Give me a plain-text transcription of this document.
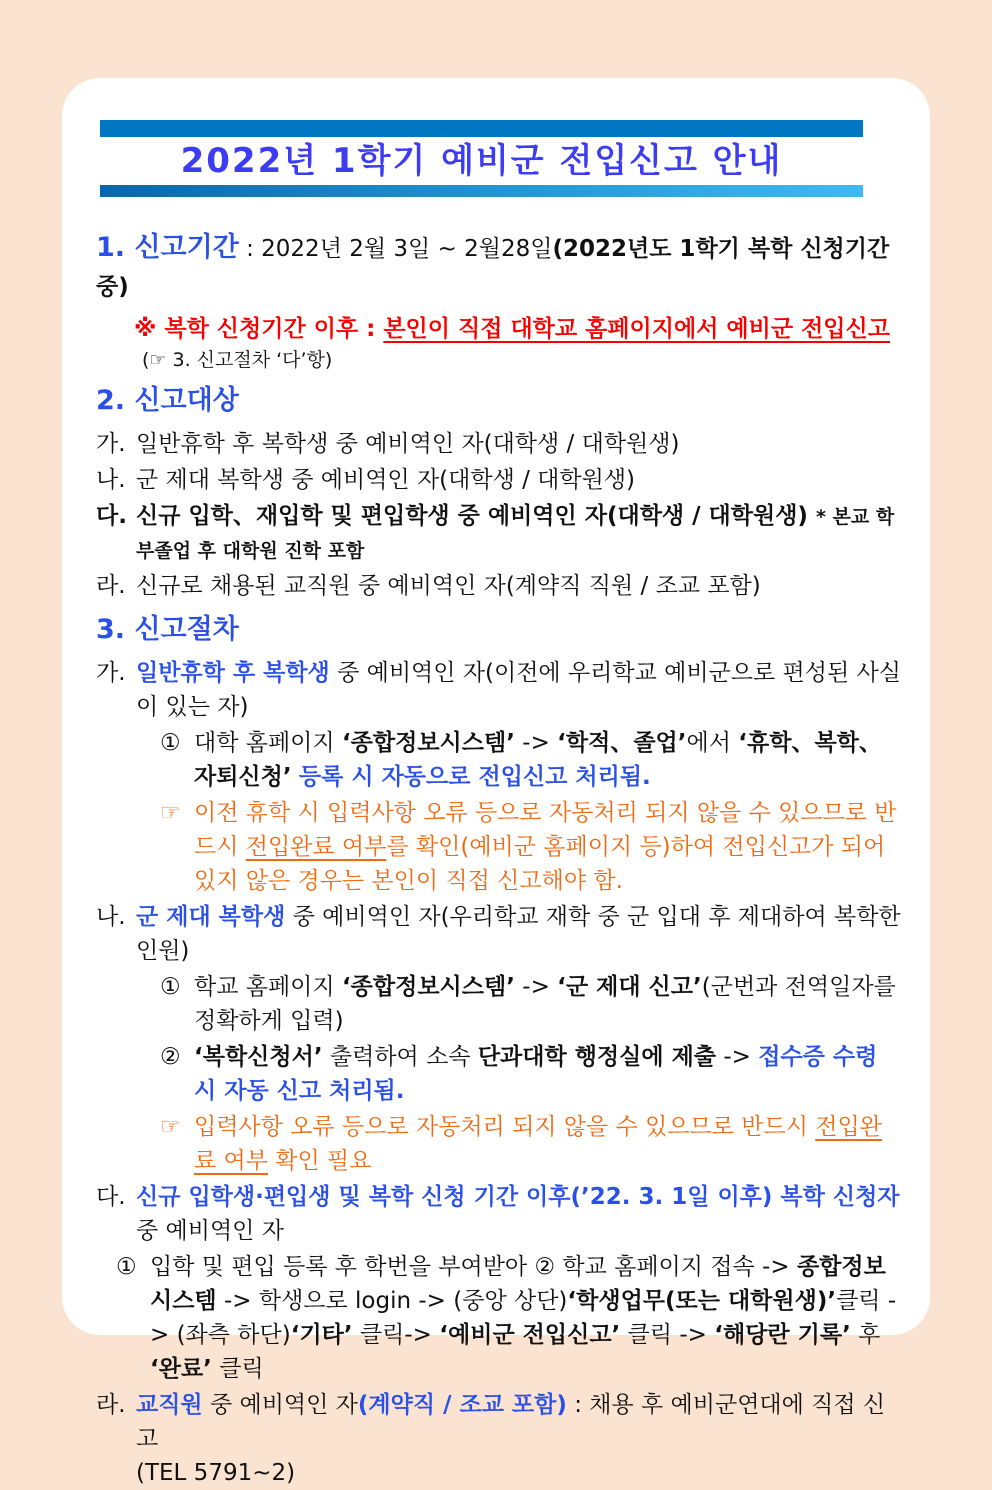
2022년 1학기 예비군 전입신고 안내
1. 신고기간 : 2022년 2월 3일 ~ 2월28일(2022년도 1학기 복학 신청기간 중)
※ 복학 신청기간 이후 : 본인이 직접 대학교 홈페이지에서 예비군 전입신고
(☞ 3. 신고절차 ‘다’항)
2. 신고대상
가. 일반휴학 후 복학생 중 예비역인 자(대학생 / 대학원생)
나. 군 제대 복학생 중 예비역인 자(대학생 / 대학원생)
다. 신규 입학、재입학 및 편입학생 중 예비역인 자(대학생 / 대학원생) * 본교 학부졸업 후 대학원 진학 포함
라. 신규로 채용된 교직원 중 예비역인 자(계약직 직원 / 조교 포함)
3. 신고절차
가. 일반휴학 후 복학생 중 예비역인 자(이전에 우리학교 예비군으로 편성된 사실이 있는 자)
① 대학 홈페이지 ‘종합정보시스템’ -> ‘학적、졸업’에서 ‘휴학、복학、자퇴신청’ 등록 시 자동으로 전입신고 처리됨.
☞ 이전 휴학 시 입력사항 오류 등으로 자동처리 되지 않을 수 있으므로 반드시 전입완료 여부를 확인(예비군 홈페이지 등)하여 전입신고가 되어있지 않은 경우는 본인이 직접 신고해야 함.
나. 군 제대 복학생 중 예비역인 자(우리학교 재학 중 군 입대 후 제대하여 복학한 인원)
① 학교 홈페이지 ‘종합정보시스템’ -> ‘군 제대 신고’(군번과 전역일자를 정확하게 입력)
② ‘복학신청서’ 출력하여 소속 단과대학 행정실에 제출 -> 접수증 수령 시 자동 신고 처리됨.
☞ 입력사항 오류 등으로 자동처리 되지 않을 수 있으므로 반드시 전입완료 여부 확인 필요
다. 신규 입학생·편입생 및 복학 신청 기간 이후(’22. 3. 1일 이후) 복학 신청자 중 예비역인 자
① 입학 및 편입 등록 후 학번을 부여받아 ② 학교 홈페이지 접속 -> 종합정보시스템 -> 학생으로 login -> (중앙 상단)‘학생업무(또는 대학원생)’클릭 -> (좌측 하단)‘기타’ 클릭-> ‘예비군 전입신고’ 클릭 -> ‘해당란 기록’ 후 ‘완료’ 클릭
라. 교직원 중 예비역인 자(계약직 / 조교 포함) : 채용 후 예비군연대에 직접 신고
(TEL 5791~2)
